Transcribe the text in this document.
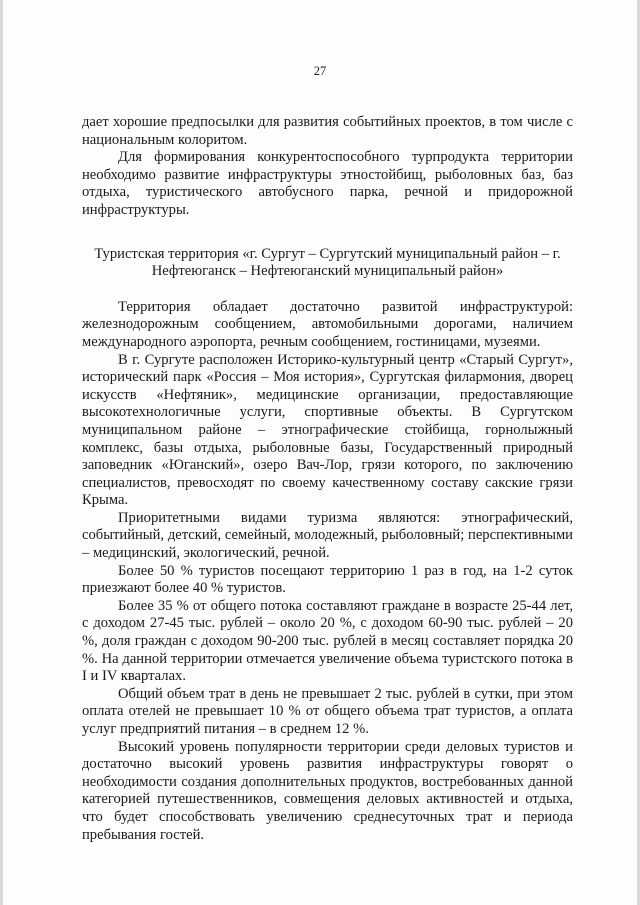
27

дает хорошие предпосылки для развития событийных проектов, в том числе с национальным колоритом.

Для формирования конкурентоспособного турпродукта территории необходимо развитие инфраструктуры этностойбищ, рыболовных баз, баз отдыха, туристического автобусного парка, речной и придорожной инфраструктуры.

Туристская территория «г. Сургут – Сургутский муниципальный район – г. Нефтеюганск – Нефтеюганский муниципальный район»

Территория обладает достаточно развитой инфраструктурой: железнодорожным сообщением, автомобильными дорогами, наличием международного аэропорта, речным сообщением, гостиницами, музеями.

В г. Сургуте расположен Историко-культурный центр «Старый Сургут», исторический парк «Россия – Моя история», Сургутская филармония, дворец искусств «Нефтяник», медицинские организации, предоставляющие высокотехнологичные услуги, спортивные объекты. В Сургутском муниципальном районе – этнографические стойбища, горнолыжный комплекс, базы отдыха, рыболовные базы, Государственный природный заповедник «Юганский», озеро Вач-Лор, грязи которого, по заключению специалистов, превосходят по своему качественному составу сакские грязи Крыма.

Приоритетными видами туризма являются: этнографический, событийный, детский, семейный, молодежный, рыболовный; перспективными – медицинский, экологический, речной.

Более 50 % туристов посещают территорию 1 раз в год, на 1-2 суток приезжают более 40 % туристов.

Более 35 % от общего потока составляют граждане в возрасте 25-44 лет, с доходом 27-45 тыс. рублей – около 20 %, с доходом 60-90 тыс. рублей – 20 %, доля граждан с доходом 90-200 тыс. рублей в месяц составляет порядка 20 %. На данной территории отмечается увеличение объема туристского потока в I и IV кварталах.

Общий объем трат в день не превышает 2 тыс. рублей в сутки, при этом оплата отелей не превышает 10 % от общего объема трат туристов, а оплата услуг предприятий питания – в среднем 12 %.

Высокий уровень популярности территории среди деловых туристов и достаточно высокий уровень развития инфраструктуры говорят о необходимости создания дополнительных продуктов, востребованных данной категорией путешественников, совмещения деловых активностей и отдыха, что будет способствовать увеличению среднесуточных трат и периода пребывания гостей.
